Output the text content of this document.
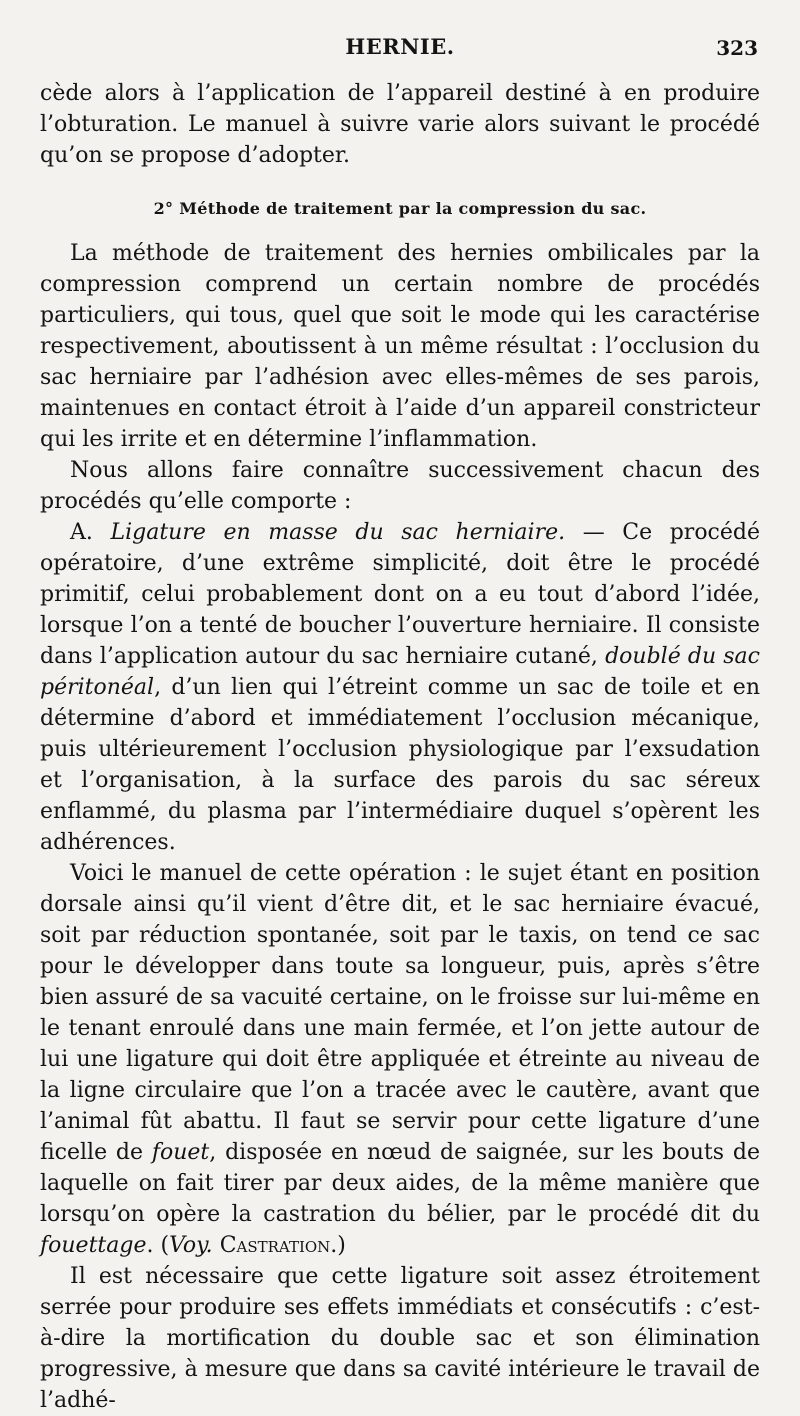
HERNIE.	323

cède alors à l’application de l’appareil destiné à en produire l’obturation. Le manuel à suivre varie alors suivant le procédé qu’on se propose d’adopter.

2° Méthode de traitement par la compression du sac.

La méthode de traitement des hernies ombilicales par la compression comprend un certain nombre de procédés particuliers, qui tous, quel que soit le mode qui les caractérise respectivement, aboutissent à un même résultat : l’occlusion du sac herniaire par l’adhésion avec elles-mêmes de ses parois, maintenues en contact étroit à l’aide d’un appareil constricteur qui les irrite et en détermine l’inflammation.

Nous allons faire connaître successivement chacun des procédés qu’elle comporte :

A. Ligature en masse du sac herniaire. — Ce procédé opératoire, d’une extrême simplicité, doit être le procédé primitif, celui probablement dont on a eu tout d’abord l’idée, lorsque l’on a tenté de boucher l’ouverture herniaire. Il consiste dans l’application autour du sac herniaire cutané, doublé du sac péritonéal, d’un lien qui l’étreint comme un sac de toile et en détermine d’abord et immédiatement l’occlusion mécanique, puis ultérieurement l’occlusion physiologique par l’exsudation et l’organisation, à la surface des parois du sac séreux enflammé, du plasma par l’intermédiaire duquel s’opèrent les adhérences.

Voici le manuel de cette opération : le sujet étant en position dorsale ainsi qu’il vient d’être dit, et le sac herniaire évacué, soit par réduction spontanée, soit par le taxis, on tend ce sac pour le développer dans toute sa longueur, puis, après s’être bien assuré de sa vacuité certaine, on le froisse sur lui-même en le tenant enroulé dans une main fermée, et l’on jette autour de lui une ligature qui doit être appliquée et étreinte au niveau de la ligne circulaire que l’on a tracée avec le cautère, avant que l’animal fût abattu. Il faut se servir pour cette ligature d’une ficelle de fouet, disposée en nœud de saignée, sur les bouts de laquelle on fait tirer par deux aides, de la même manière que lorsqu’on opère la castration du bélier, par le procédé dit du fouettage. (Voy. Castration.)

Il est nécessaire que cette ligature soit assez étroitement serrée pour produire ses effets immédiats et consécutifs : c’est-à-dire la mortification du double sac et son élimination progressive, à mesure que dans sa cavité intérieure le travail de l’adhé-
